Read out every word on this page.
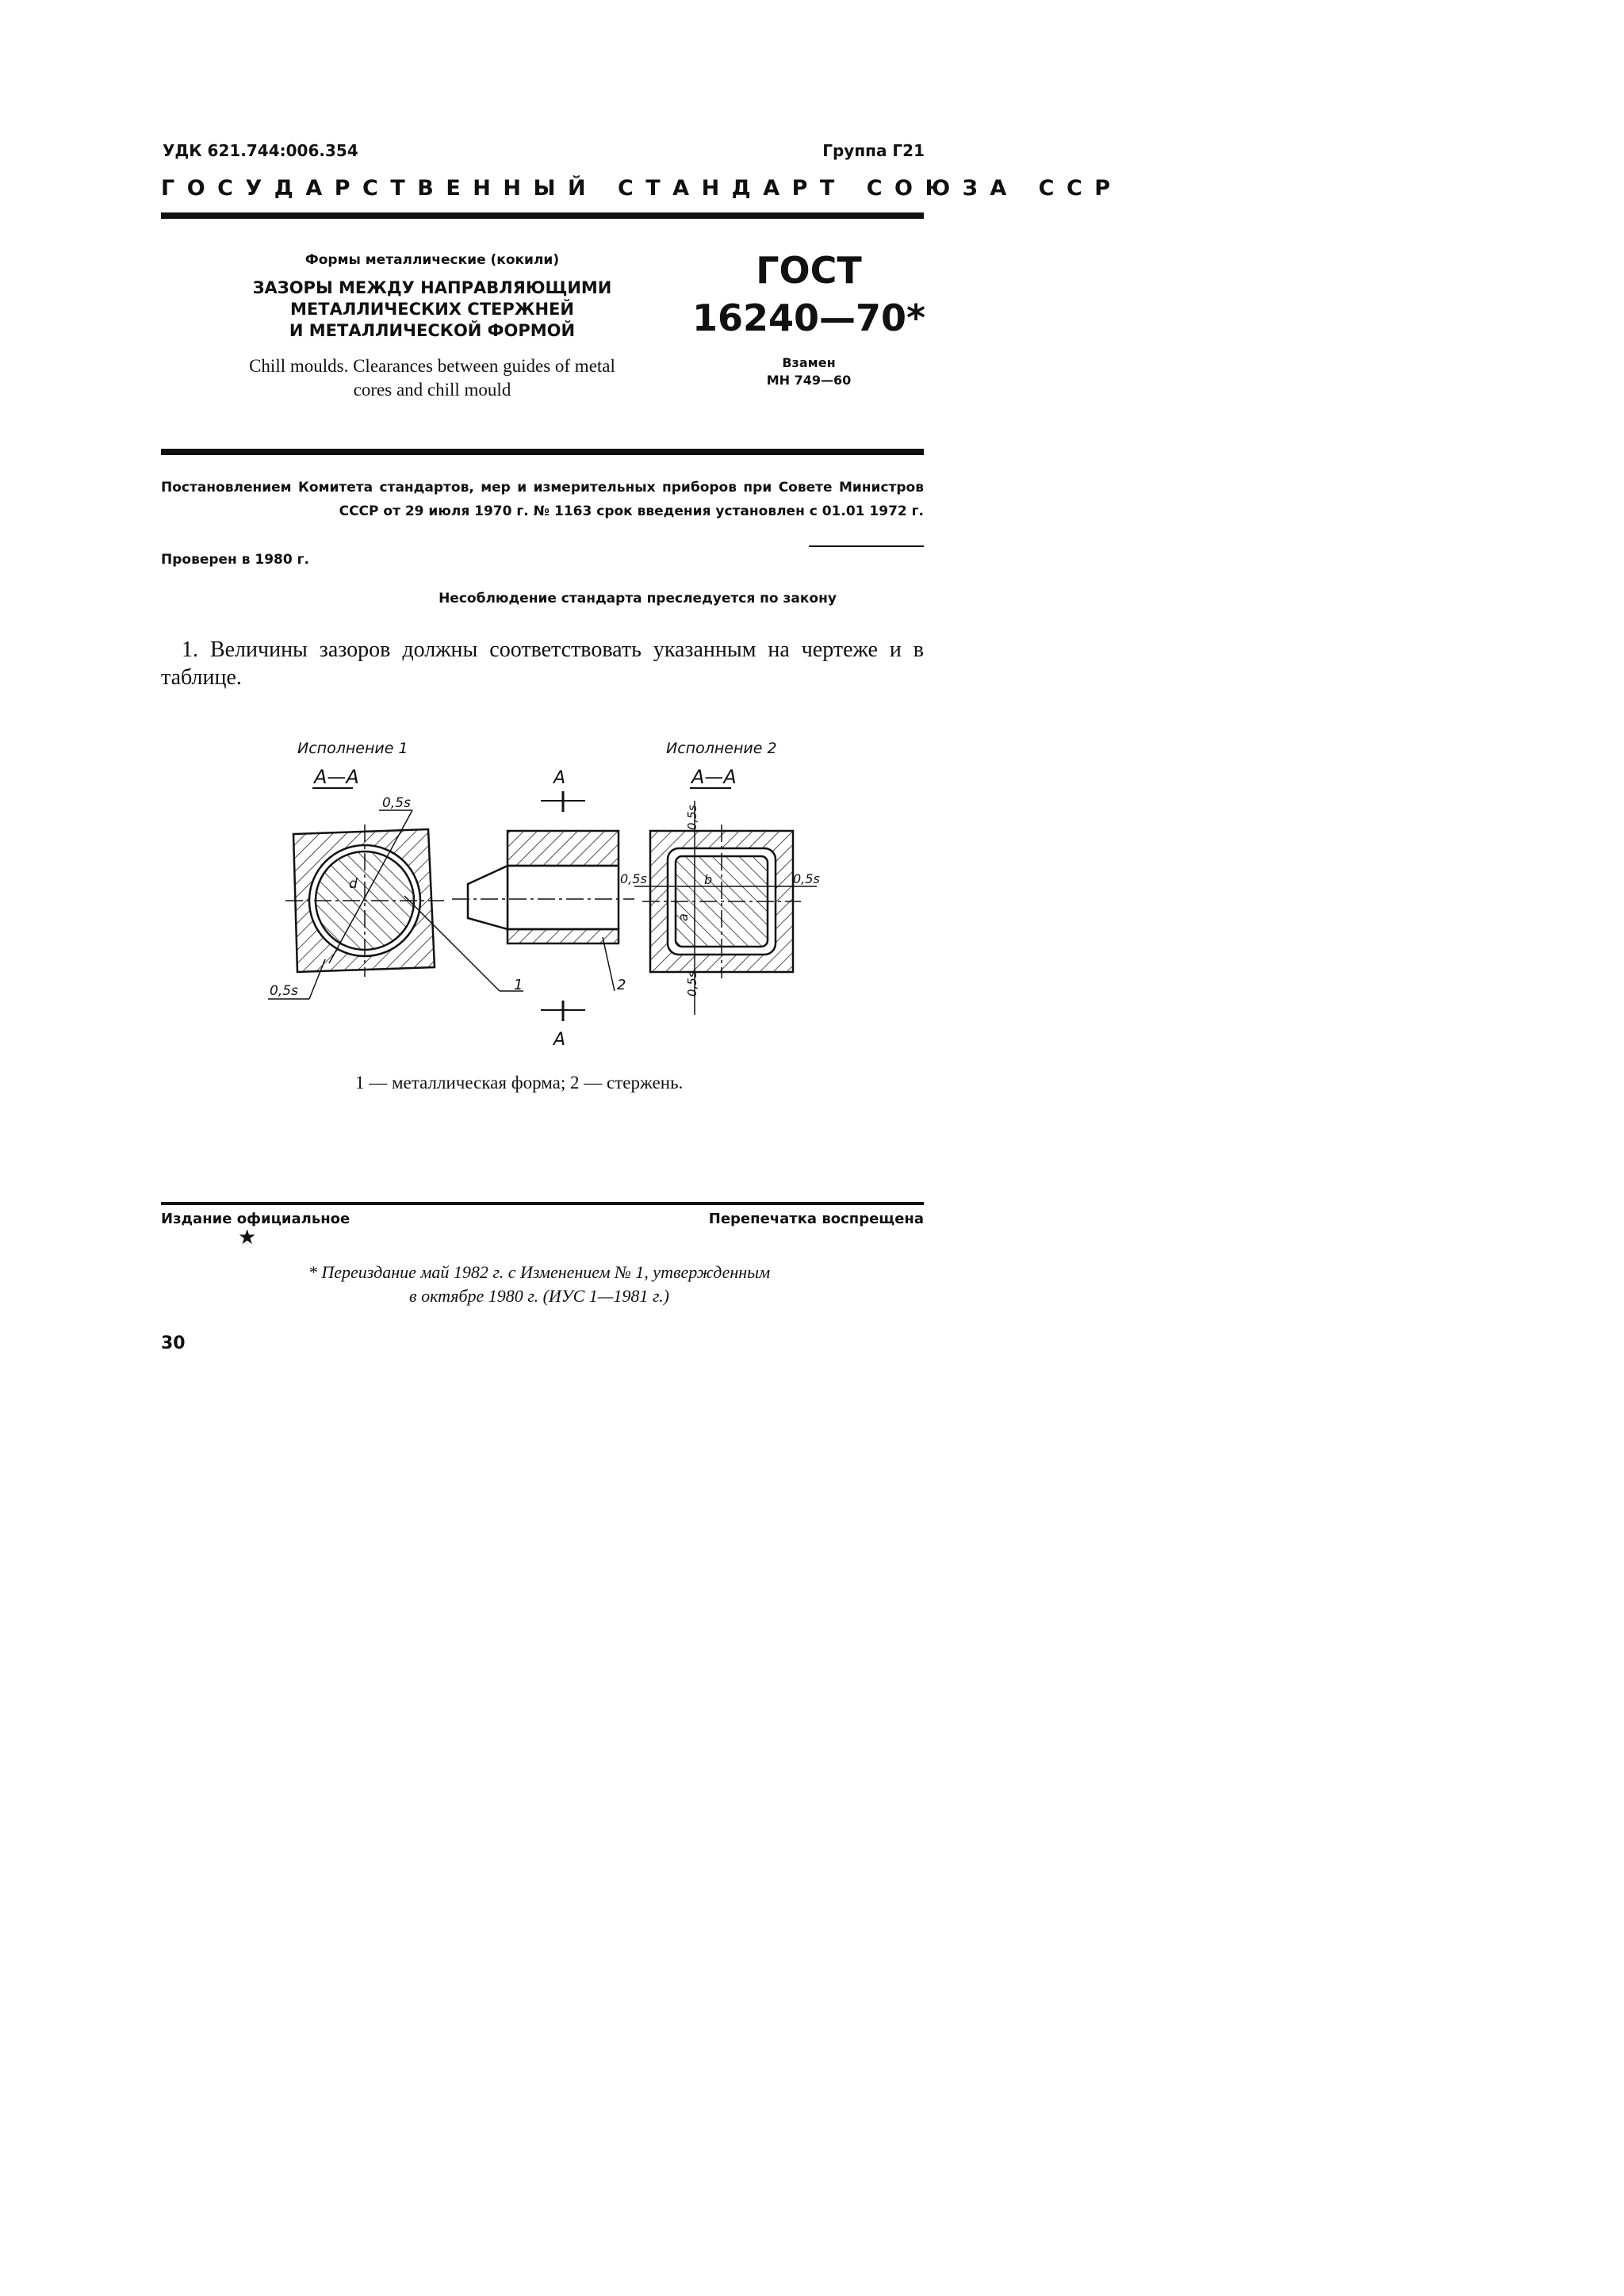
УДК 621.744:006.354	Группа Г21
ГОСУДАРСТВЕННЫЙ СТАНДАРТ СОЮЗА ССР
Формы металлические (кокили)
ЗАЗОРЫ МЕЖДУ НАПРАВЛЯЮЩИМИ
МЕТАЛЛИЧЕСКИХ СТЕРЖНЕЙ
И МЕТАЛЛИЧЕСКОЙ ФОРМОЙ
Chill moulds. Clearances between guides of metal
cores and chill mould
ГОСТ
16240—70*
Взамен
МН 749—60
Постановлением Комитета стандартов, мер и измерительных приборов при Совете Министров СССР от 29 июля 1970 г. № 1163 срок введения установлен с 01.01 1972 г.
Проверен в 1980 г.
Несоблюдение стандарта преследуется по закону
1. Величины зазоров должны соответствовать указанным на чертеже и в таблице.
Исполнение 1
А—А
0,5s
d
0,5s
А
1	2
А
Исполнение 2
А—А
0,5s	0,5s
b
a
0,5s
0,5s
1 — металлическая форма; 2 — стержень.
Издание официальное	Перепечатка воспрещена
★
* Переиздание май 1982 г. с Изменением № 1, утвержденным
в октябре 1980 г. (ИУС 1—1981 г.)
30
